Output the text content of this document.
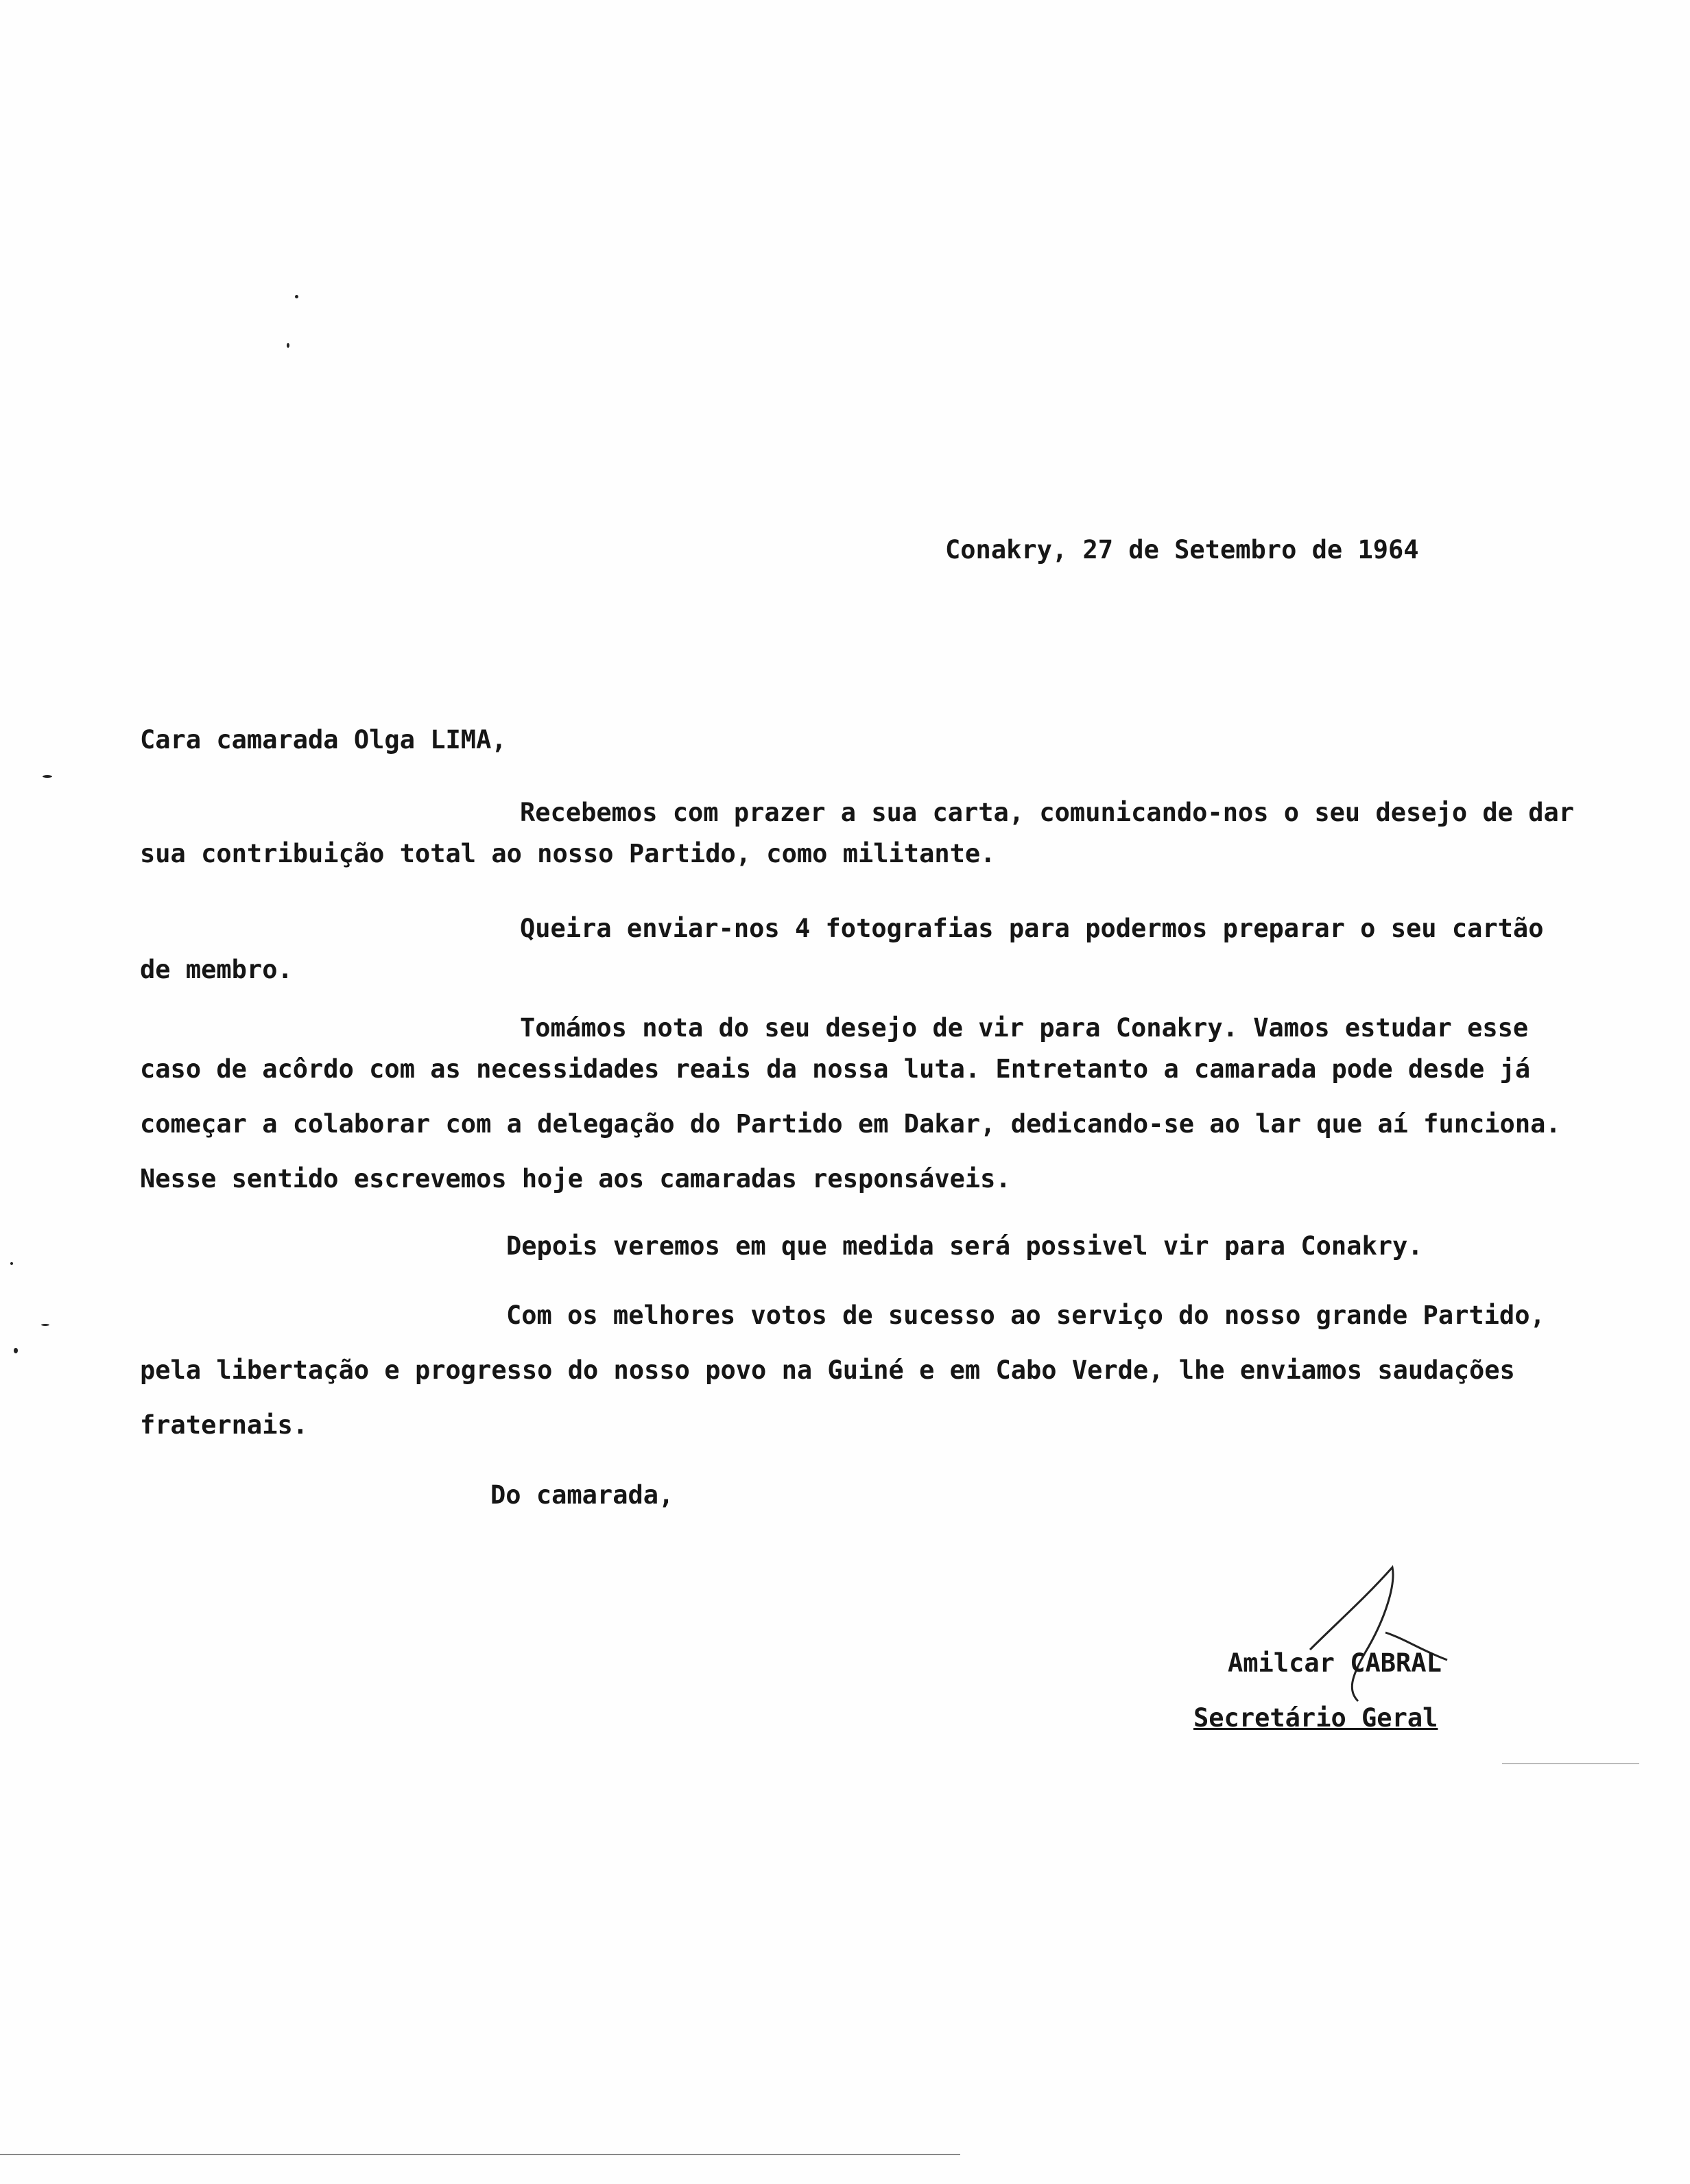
Conakry, 27 de Setembro de 1964
Cara camarada Olga LIMA,
Recebemos com prazer a sua carta, comunicando-nos o seu desejo de dar
sua contribuição total ao nosso Partido, como militante.
Queira enviar-nos 4 fotografias para podermos preparar o seu cartão
de membro.
Tomámos nota do seu desejo de vir para Conakry. Vamos estudar esse
caso de acôrdo com as necessidades reais da nossa luta. Entretanto a camarada pode desde já
começar a colaborar com a delegação do Partido em Dakar, dedicando-se ao lar que aí funciona.
Nesse sentido escrevemos hoje aos camaradas responsáveis.
Depois veremos em que medida será possivel vir para Conakry.
Com os melhores votos de sucesso ao serviço do nosso grande Partido,
pela libertação e progresso do nosso povo na Guiné e em Cabo Verde, lhe enviamos saudações
fraternais.
Do camarada,
Amilcar CABRAL
Secretário Geral
